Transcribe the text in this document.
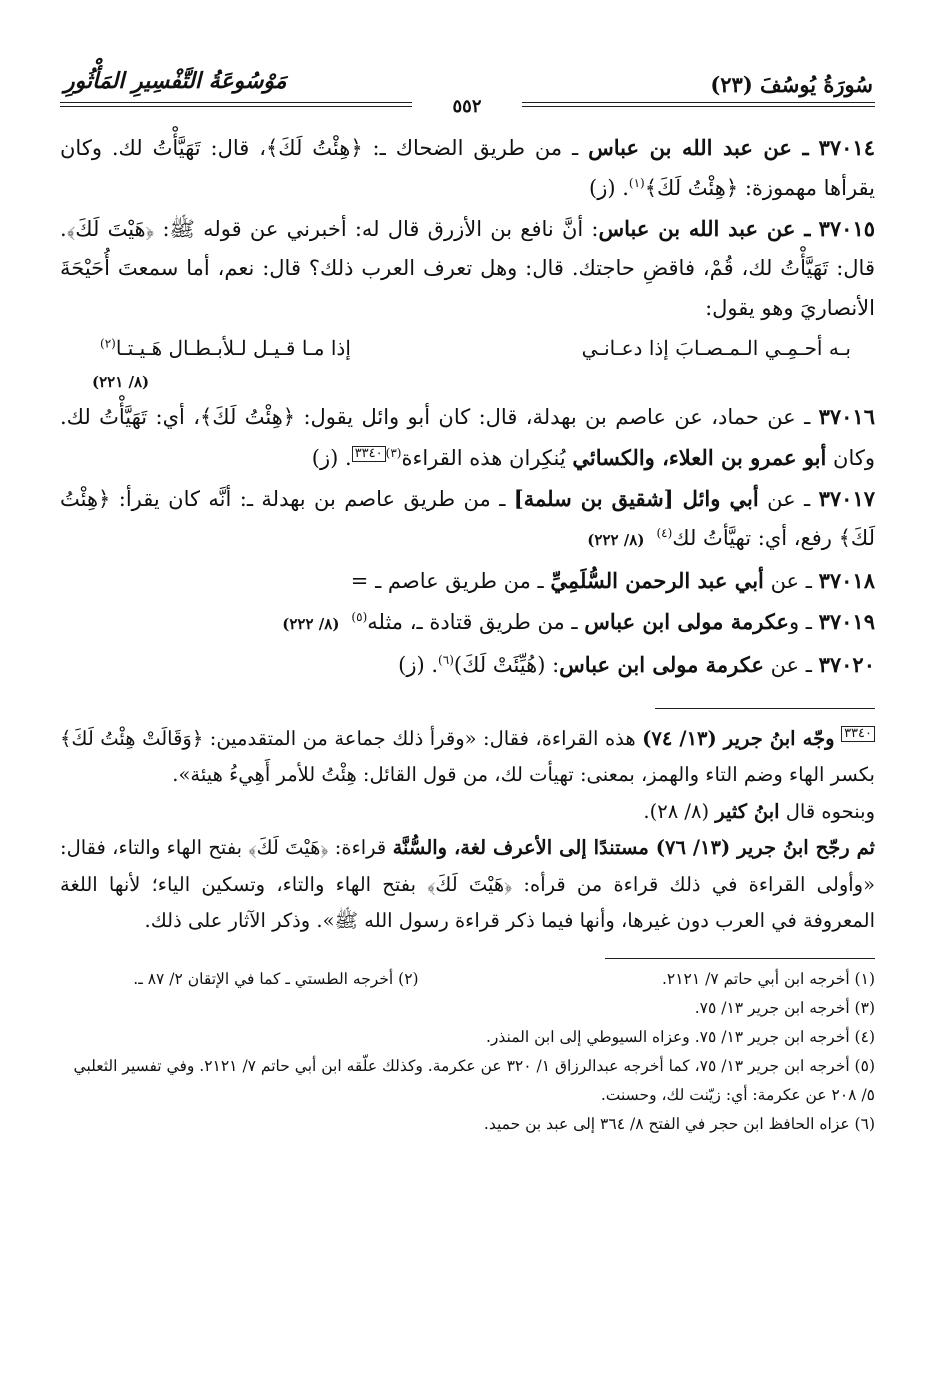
سُورَةُ يُوسُفَ (٢٣)
مَوْسُوعَةُ التَّفْسِيرِ المَأْثُورِ
٥٥٢

٣٧٠١٤ ـ عن عبد الله بن عباس ـ من طريق الضحاك ـ: ﴿هِئْتُ لَكَ﴾، قال: تَهَيَّأْتُ لك. وكان يقرأها مهموزة: ﴿هِئْتُ لَكَ﴾$^{(١)}$. (ز)

٣٧٠١٥ ـ عن عبد الله بن عباس: أنَّ نافع بن الأزرق قال له: أخبرني عن قوله ﷺ: ﴿هَيْتَ لَكَ﴾. قال: تَهَيَّأْتُ لك، قُمْ، فاقضِ حاجتك. قال: وهل تعرف العرب ذلك؟ قال: نعم، أما سمعتَ أُحَيْحَةَ الأنصاريَ وهو يقول:

بـه أحـمِـي الـمـصـابَ إذا دعـانـي
إذا مـا قـيـل لـلأبـطـال هَـيـتـا$^{(٢)}$
(٨/ ٢٢١)

٣٧٠١٦ ـ عن حماد، عن عاصم بن بهدلة، قال: كان أبو وائل يقول: ﴿هِئْتُ لَكَ﴾، أي: تَهَيَّأْتُ لك. وكان أبو عمرو بن العلاء، والكسائي يُنكِران هذه القراءة$^{(٣)}$٣٣٤٠. (ز)

٣٧٠١٧ ـ عن أبي وائل [شقيق بن سلمة] ـ من طريق عاصم بن بهدلة ـ: أنَّه كان يقرأ: ﴿هِئْتُ لَكَ﴾ رفع، أي: تهيَّأتُ لك$^{(٤)}$(٨/ ٢٢٢)

٣٧٠١٨ ـ عن أبي عبد الرحمن السُّلَمِيِّ ـ من طريق عاصم ـ =

٣٧٠١٩ ـ وعكرمة مولى ابن عباس ـ من طريق قتادة ـ، مثله$^{(٥)}$(٨/ ٢٢٢)

٣٧٠٢٠ ـ عن عكرمة مولى ابن عباس: (هُيِّئَتْ لَكَ)$^{(٦)}$. (ز)

٣٣٤٠ وجّه ابنُ جرير (١٣/ ٧٤) هذه القراءة، فقال: «وقرأ ذلك جماعة من المتقدمين: ﴿وَقَالَتْ هِئْتُ لَكَ﴾ بكسر الهاء وضم التاء والهمز، بمعنى: تهيأت لك، من قول القائل: هِئْتُ للأمر أَهِيءُ هيئة».

وبنحوه قال ابنُ كثير (٨/ ٢٨).

ثم رجّح ابنُ جرير (١٣/ ٧٦) مستندًا إلى الأعرف لغة، والسُّنَّة قراءة: ﴿هَيْتَ لَكَ﴾ بفتح الهاء والتاء، فقال: «وأولى القراءة في ذلك قراءة من قرأه: ﴿هَيْتَ لَكَ﴾ بفتح الهاء والتاء، وتسكين الياء؛ لأنها اللغة المعروفة في العرب دون غيرها، وأنها فيما ذكر قراءة رسول الله ﷺ». وذكر الآثار على ذلك.

(١) أخرجه ابن أبي حاتم ٧/ ٢١٢١.
(٢) أخرجه الطستي ـ كما في الإتقان ٢/ ٨٧ ـ.

(٣) أخرجه ابن جرير ١٣/ ٧٥.

(٤) أخرجه ابن جرير ١٣/ ٧٥. وعزاه السيوطي إلى ابن المنذر.

(٥) أخرجه ابن جرير ١٣/ ٧٥، كما أخرجه عبدالرزاق ١/ ٣٢٠ عن عكرمة. وكذلك علّقه ابن أبي حاتم ٧/ ٢١٢١. وفي تفسير الثعلبي ٥/ ٢٠٨ عن عكرمة: أي: زيّنت لك، وحسنت.

(٦) عزاه الحافظ ابن حجر في الفتح ٨/ ٣٦٤ إلى عبد بن حميد.
